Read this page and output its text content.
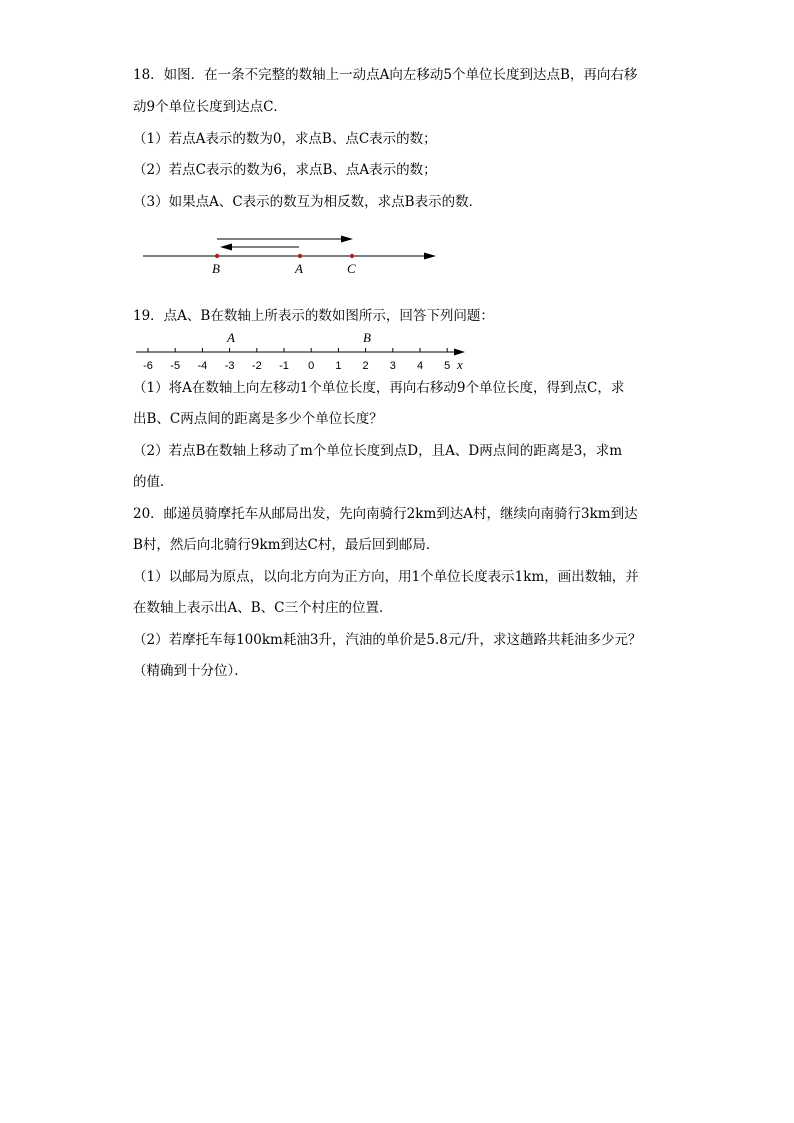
18．如图．在一条不完整的数轴上一动点A向左移动5个单位长度到达点B，再向右移
动9个单位长度到达点C．
（1）若点A表示的数为0，求点B、点C表示的数；
（2）若点C表示的数为6，求点B、点A表示的数；
（3）如果点A、C表示的数互为相反数，求点B表示的数．
B	A	C
-6 -5 -4 -3 -2 -1 0 1 2 3 4 5
A	B
x
19．点A、B在数轴上所表示的数如图所示，回答下列问题：
（1）将A在数轴上向左移动1个单位长度，再向右移动9个单位长度，得到点C，求
出B、C两点间的距离是多少个单位长度？
（2）若点B在数轴上移动了m个单位长度到点D，且A、D两点间的距离是3，求m
的值．
20．邮递员骑摩托车从邮局出发，先向南骑行2km到达A村，继续向南骑行3km到达
B村，然后向北骑行9km到达C村，最后回到邮局．
（1）以邮局为原点，以向北方向为正方向，用1个单位长度表示1km，画出数轴，并
在数轴上表示出A、B、C三个村庄的位置．
（2）若摩托车每100km耗油3升，汽油的单价是5.8元/升，求这趟路共耗油多少元？
（精确到十分位）．
